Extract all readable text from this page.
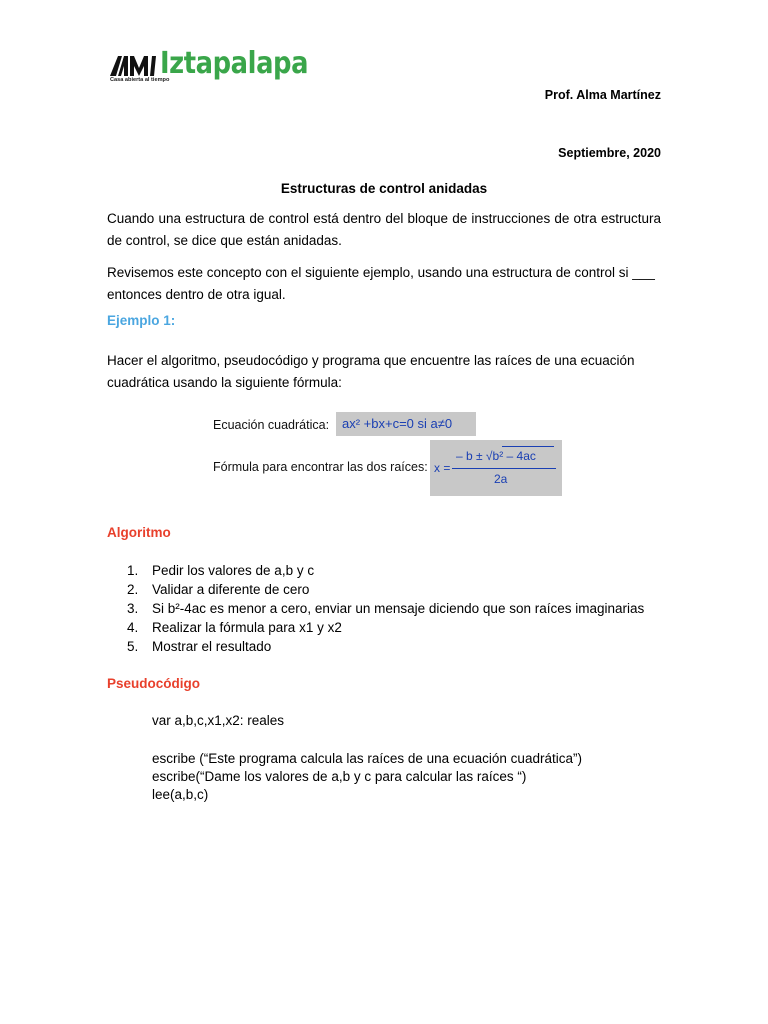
Iztapalapa
Casa abierta al tiempo
Prof. Alma Martínez
Septiembre, 2020
Estructuras de control anidadas
Cuando una estructura de control está dentro del bloque de instrucciones de otra estructura de control, se dice que están anidadas.
Revisemos este concepto con el siguiente ejemplo, usando una estructura de control si ___ entonces dentro de otra igual.
Ejemplo 1:
Hacer el algoritmo, pseudocódigo y programa que encuentre las raíces de una ecuación cuadrática usando la siguiente fórmula:
Ecuación cuadrática: ax² +bx+c=0 si a≠0
Fórmula para encontrar las dos raíces: x =
– b ± √b² – 4ac
2a
Algoritmo
1. Pedir los valores de a,b y c
2. Validar a diferente de cero
3. Si b²-4ac es menor a cero, enviar un mensaje diciendo que son raíces imaginarias
4. Realizar la fórmula para x1 y x2
5. Mostrar el resultado
Pseudocódigo
var a,b,c,x1,x2: reales
escribe (“Este programa calcula las raíces de una ecuación cuadrática”)
escribe(“Dame los valores de a,b y c para calcular las raíces “)
lee(a,b,c)
